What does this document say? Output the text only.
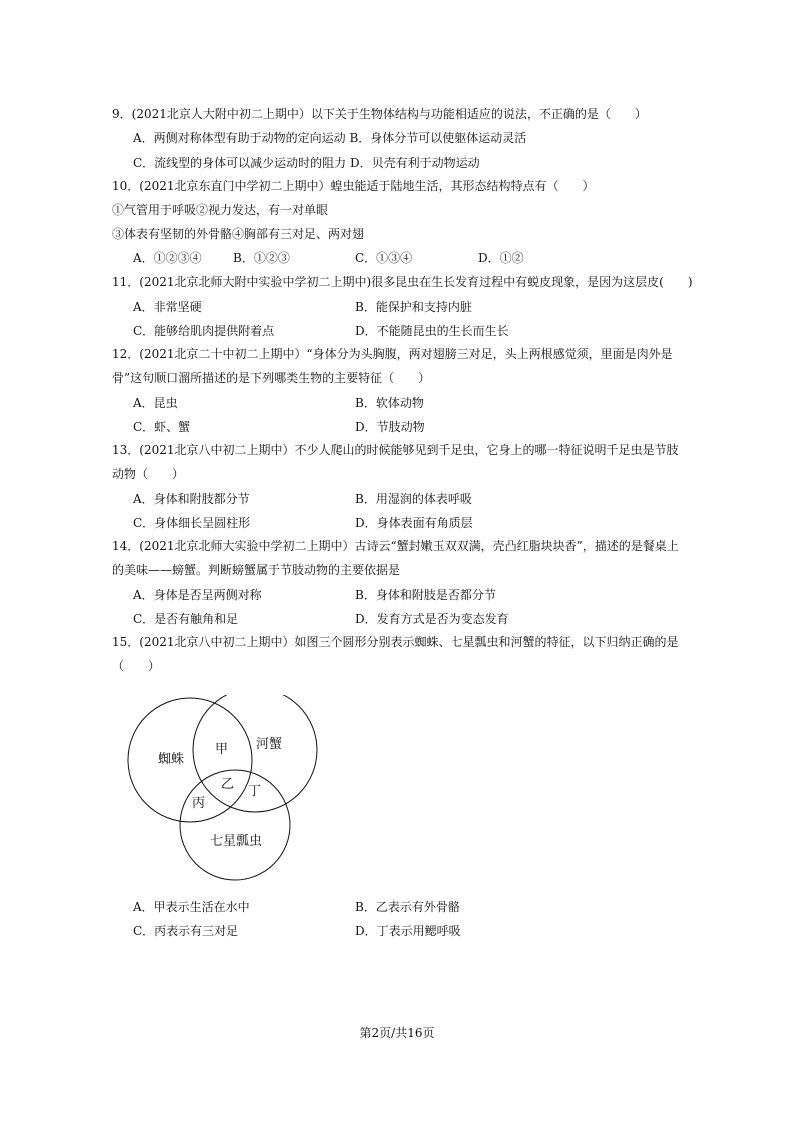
9．(2021北京人大附中初二上期中）以下关于生物体结构与功能相适应的说法，不正确的是（　　）
A．两侧对称体型有助于动物的定向运动 B．身体分节可以使躯体运动灵活
C．流线型的身体可以减少运动时的阻力 D．贝壳有利于动物运动
10．(2021北京东直门中学初二上期中）蝗虫能适于陆地生活，其形态结构特点有（　　）
①气管用于呼吸②视力发达，有一对单眼
③体表有坚韧的外骨骼④胸部有三对足、两对翅
A．①②③④	B．①②③	C．①③④	D．①②
11．(2021北京北师大附中实验中学初二上期中)很多昆虫在生长发育过程中有蜕皮现象，是因为这层皮(　　)
A．非常坚硬	B．能保护和支持内脏
C．能够给肌肉提供附着点	D．不能随昆虫的生长而生长
12．(2021北京二十中初二上期中）“身体分为头胸腹，两对翅膀三对足，头上两根感觉须，里面是肉外是
骨”这句顺口溜所描述的是下列哪类生物的主要特征（　　）
A．昆虫	B．软体动物
C．虾、蟹	D．节肢动物
13．(2021北京八中初二上期中）不少人爬山的时候能够见到千足虫，它身上的哪一特征说明千足虫是节肢
动物（　　）
A．身体和附肢都分节	B．用湿润的体表呼吸
C．身体细长呈圆柱形	D．身体表面有角质层
14．(2021北京北师大实验中学初二上期中）古诗云“蟹封嫩玉双双满，壳凸红脂块块香”，描述的是餐桌上
的美味——螃蟹。判断螃蟹属于节肢动物的主要依据是
A．身体是否呈两侧对称	B．身体和附肢是否都分节
C．是否有触角和足	D．发育方式是否为变态发育
15．(2021北京八中初二上期中）如图三个圆形分别表示蜘蛛、七星瓢虫和河蟹的特征，以下归纳正确的是
（　　）
蜘蛛
河蟹
七星瓢虫
甲
乙
丙
丁
A．甲表示生活在水中	B．乙表示有外骨骼
C．丙表示有三对足	D．丁表示用鳃呼吸
第2页/共16页
